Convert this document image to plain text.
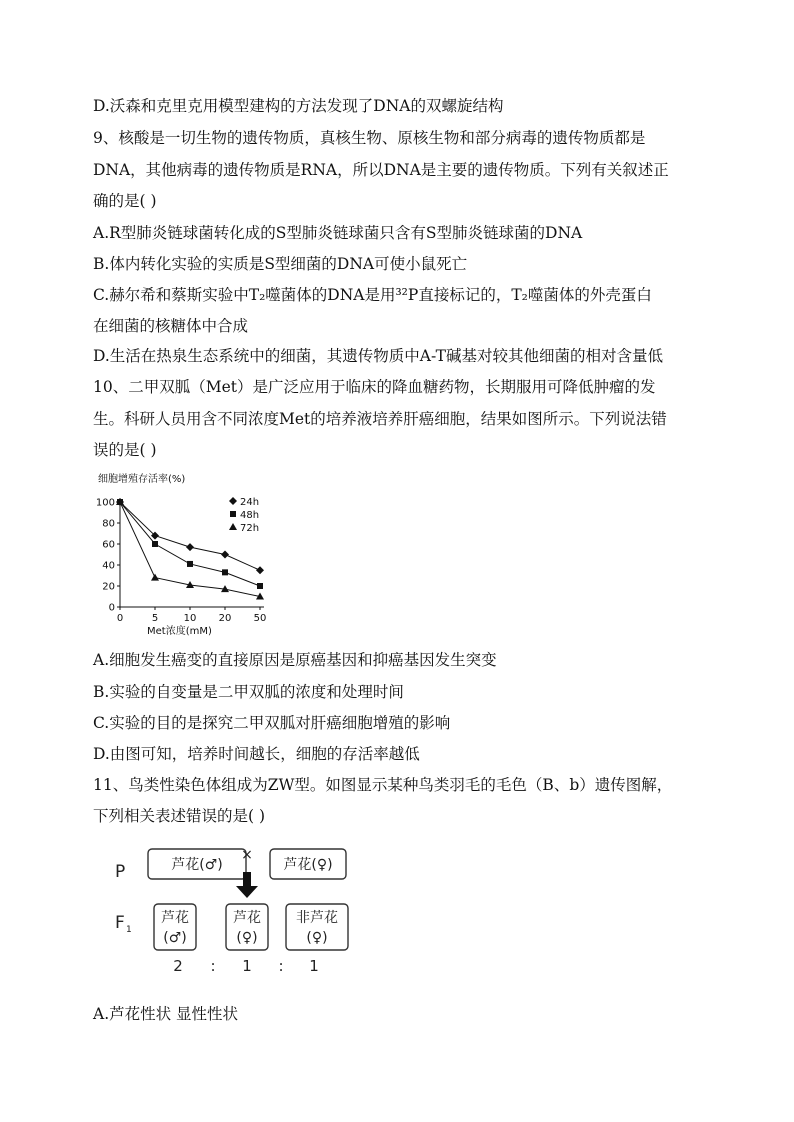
D.沃森和克里克用模型建构的方法发现了DNA的双螺旋结构
9、核酸是一切生物的遗传物质，真核生物、原核生物和部分病毒的遗传物质都是
DNA，其他病毒的遗传物质是RNA，所以DNA是主要的遗传物质。下列有关叙述正
确的是( )
A.R型肺炎链球菌转化成的S型肺炎链球菌只含有S型肺炎链球菌的DNA
B.体内转化实验的实质是S型细菌的DNA可使小鼠死亡
C.赫尔希和蔡斯实验中T₂噬菌体的DNA是用³²P直接标记的，T₂噬菌体的外壳蛋白
在细菌的核糖体中合成
D.生活在热泉生态系统中的细菌，其遗传物质中A-T碱基对较其他细菌的相对含量低
10、二甲双胍（Met）是广泛应用于临床的降血糖药物，长期服用可降低肿瘤的发
生。科研人员用含不同浓度Met的培养液培养肝癌细胞，结果如图所示。下列说法错
误的是( )
细胞增殖存活率(%)
0
20
40
60
80
100
0	5	10 20 50
24h
48h
72h
Met浓度(mM)
A.细胞发生癌变的直接原因是原癌基因和抑癌基因发生突变
B.实验的自变量是二甲双胍的浓度和处理时间
C.实验的目的是探究二甲双胍对肝癌细胞增殖的影响
D.由图可知，培养时间越长，细胞的存活率越低
11、鸟类性染色体组成为ZW型。如图显示某种鸟类羽毛的毛色（B、b）遗传图解，
下列相关表述错误的是( )
P	芦花(♂)
×
芦花(♀)
F 1
芦花
(♂)
芦花
(♀)
非芦花
(♀)
2 : 1 : 1
A.芦花性状 显性性状
